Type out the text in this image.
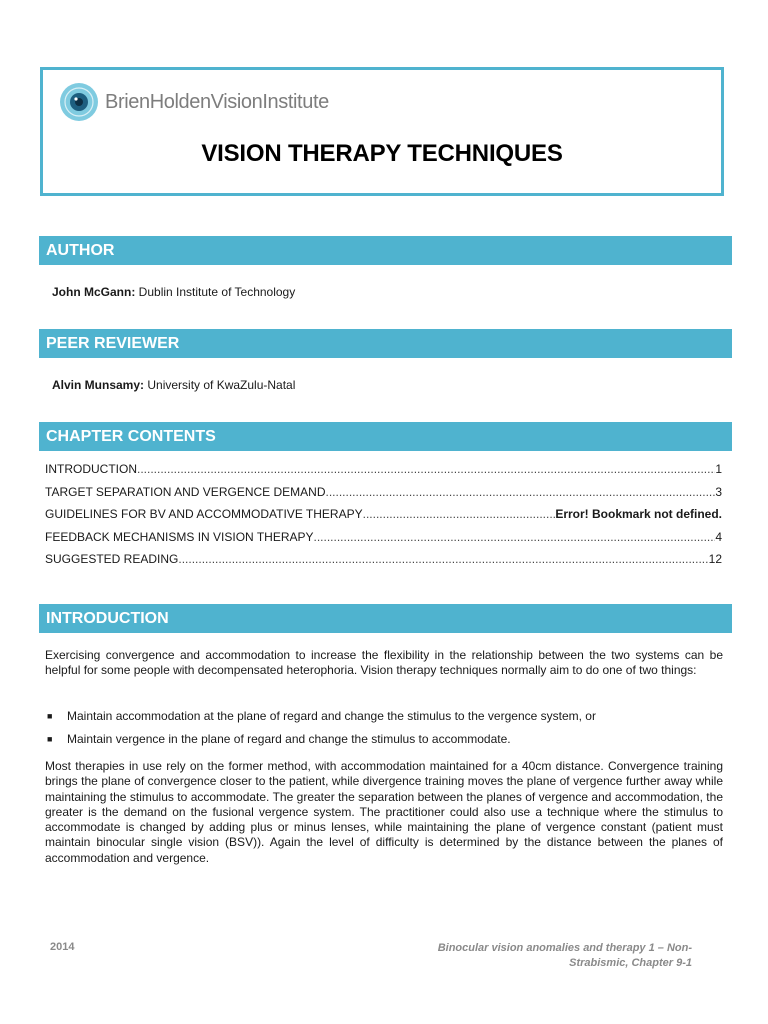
BrienHoldenVisionInstitute
VISION THERAPY TECHNIQUES
AUTHOR
John McGann: Dublin Institute of Technology
PEER REVIEWER
Alvin Munsamy: University of KwaZulu-Natal
CHAPTER CONTENTS
INTRODUCTION .....	1
TARGET SEPARATION AND VERGENCE DEMAND .....	3
GUIDELINES FOR BV AND ACCOMMODATIVE THERAPY .....	Error! Bookmark not defined.
FEEDBACK MECHANISMS IN VISION THERAPY .....	4
SUGGESTED READING .....	12
INTRODUCTION

Exercising convergence and accommodation to increase the flexibility in the relationship between the two systems can be helpful for some people with decompensated heterophoria. Vision therapy techniques normally aim to do one of two things:

■ Maintain accommodation at the plane of regard and change the stimulus to the vergence system, or
■ Maintain vergence in the plane of regard and change the stimulus to accommodate.

Most therapies in use rely on the former method, with accommodation maintained for a 40cm distance. Convergence training brings the plane of convergence closer to the patient, while divergence training moves the plane of vergence further away while maintaining the stimulus to accommodate. The greater the separation between the planes of vergence and accommodation, the greater is the demand on the fusional vergence system. The practitioner could also use a technique where the stimulus to accommodate is changed by adding plus or minus lenses, while maintaining the plane of vergence constant (patient must maintain binocular single vision (BSV)). Again the level of difficulty is determined by the distance between the planes of accommodation and vergence.

2014	Binocular vision anomalies and therapy 1 – Non-
Strabismic, Chapter 9-1
